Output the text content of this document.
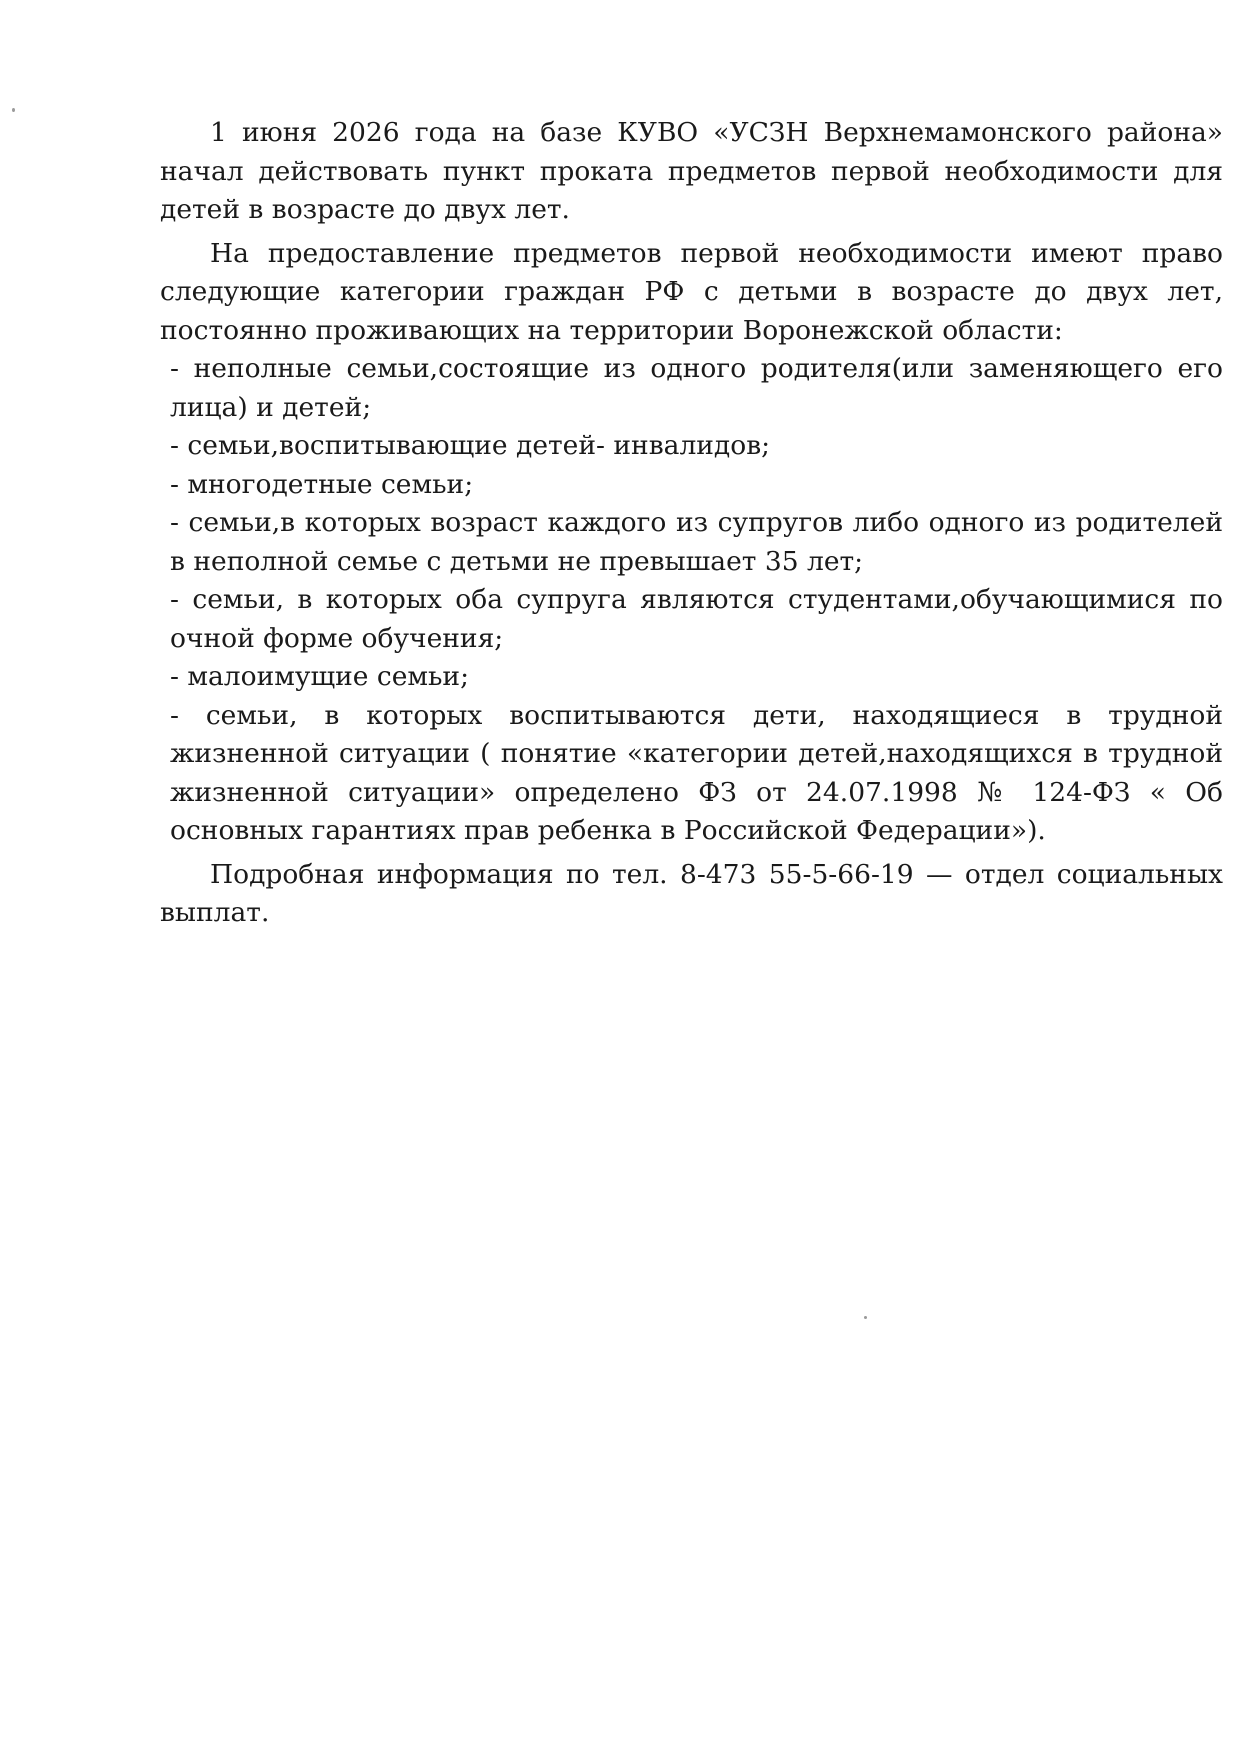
1 июня 2026 года на базе КУВО «УСЗН Верхнемамонского района» начал действовать пункт проката предметов первой необходимости для детей в возрасте до двух лет.

На предоставление предметов первой необходимости имеют право следующие категории граждан РФ с детьми в возрасте до двух лет, постоянно проживающих на территории Воронежской области:

- неполные семьи,состоящие из одного родителя(или заменяющего его лица) и детей;

- семьи,воспитывающие детей- инвалидов;

- многодетные семьи;

- семьи,в которых возраст каждого из супругов либо одного из родителей в неполной семье с детьми не превышает 35 лет;

- семьи, в которых оба супруга являются студентами,обучающимися по очной форме обучения;

- малоимущие семьи;

- семьи, в которых воспитываются дети, находящиеся в трудной жизненной ситуации ( понятие «категории детей,находящихся в трудной жизненной ситуации» определено ФЗ от 24.07.1998 № 124-ФЗ « Об основных гарантиях прав ребенка в Российской Федерации»).

Подробная информация по тел. 8-473 55-5-66-19 — отдел социальных выплат.
